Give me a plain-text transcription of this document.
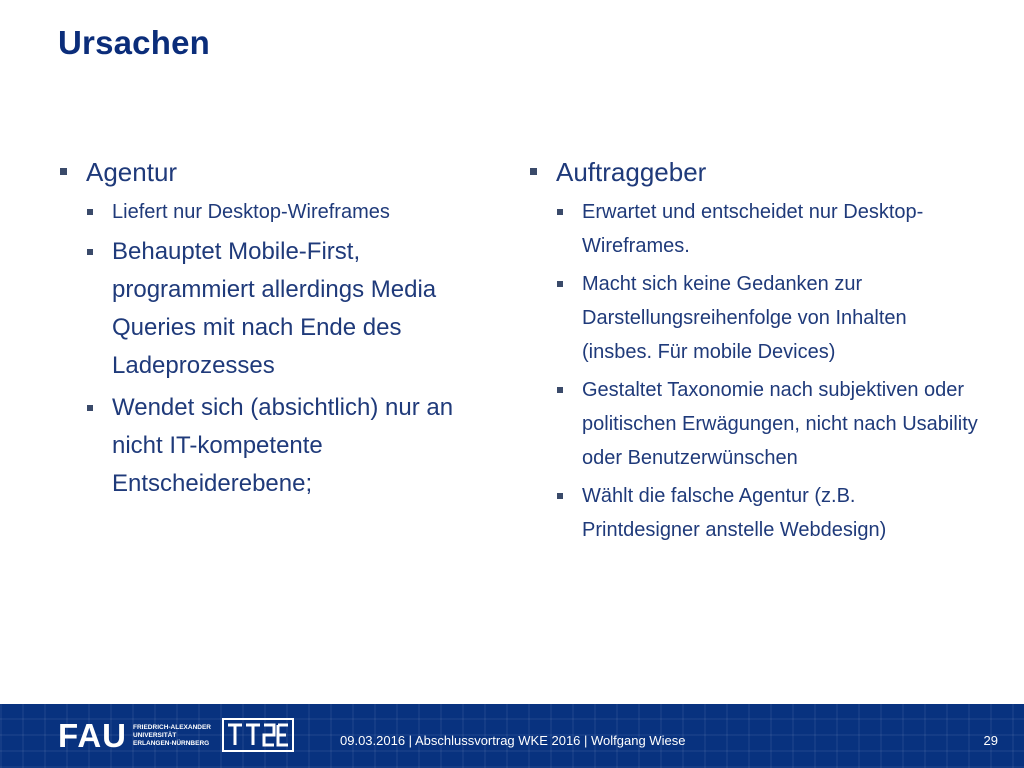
Ursachen
Agentur
Liefert nur Desktop-Wireframes
Behauptet Mobile-First, programmiert allerdings Media Queries mit nach Ende des Ladeprozesses
Wendet sich (absichtlich) nur an nicht IT-kompetente Entscheiderebene;
Auftraggeber
Erwartet und entscheidet nur Desktop-Wireframes.
Macht sich keine Gedanken zur Darstellungsreihenfolge von Inhalten (insbes. Für mobile Devices)
Gestaltet Taxonomie nach subjektiven oder politischen Erwägungen, nicht nach Usability oder Benutzerwünschen
Wählt die falsche Agentur (z.B. Printdesigner anstelle Webdesign)
FAU FRIEDRICH-ALEXANDER
UNIVERSITÄT
ERLANGEN-NÜRNBERG	09.03.2016 | Abschlussvortrag WKE 2016 | Wolfgang Wiese	29
